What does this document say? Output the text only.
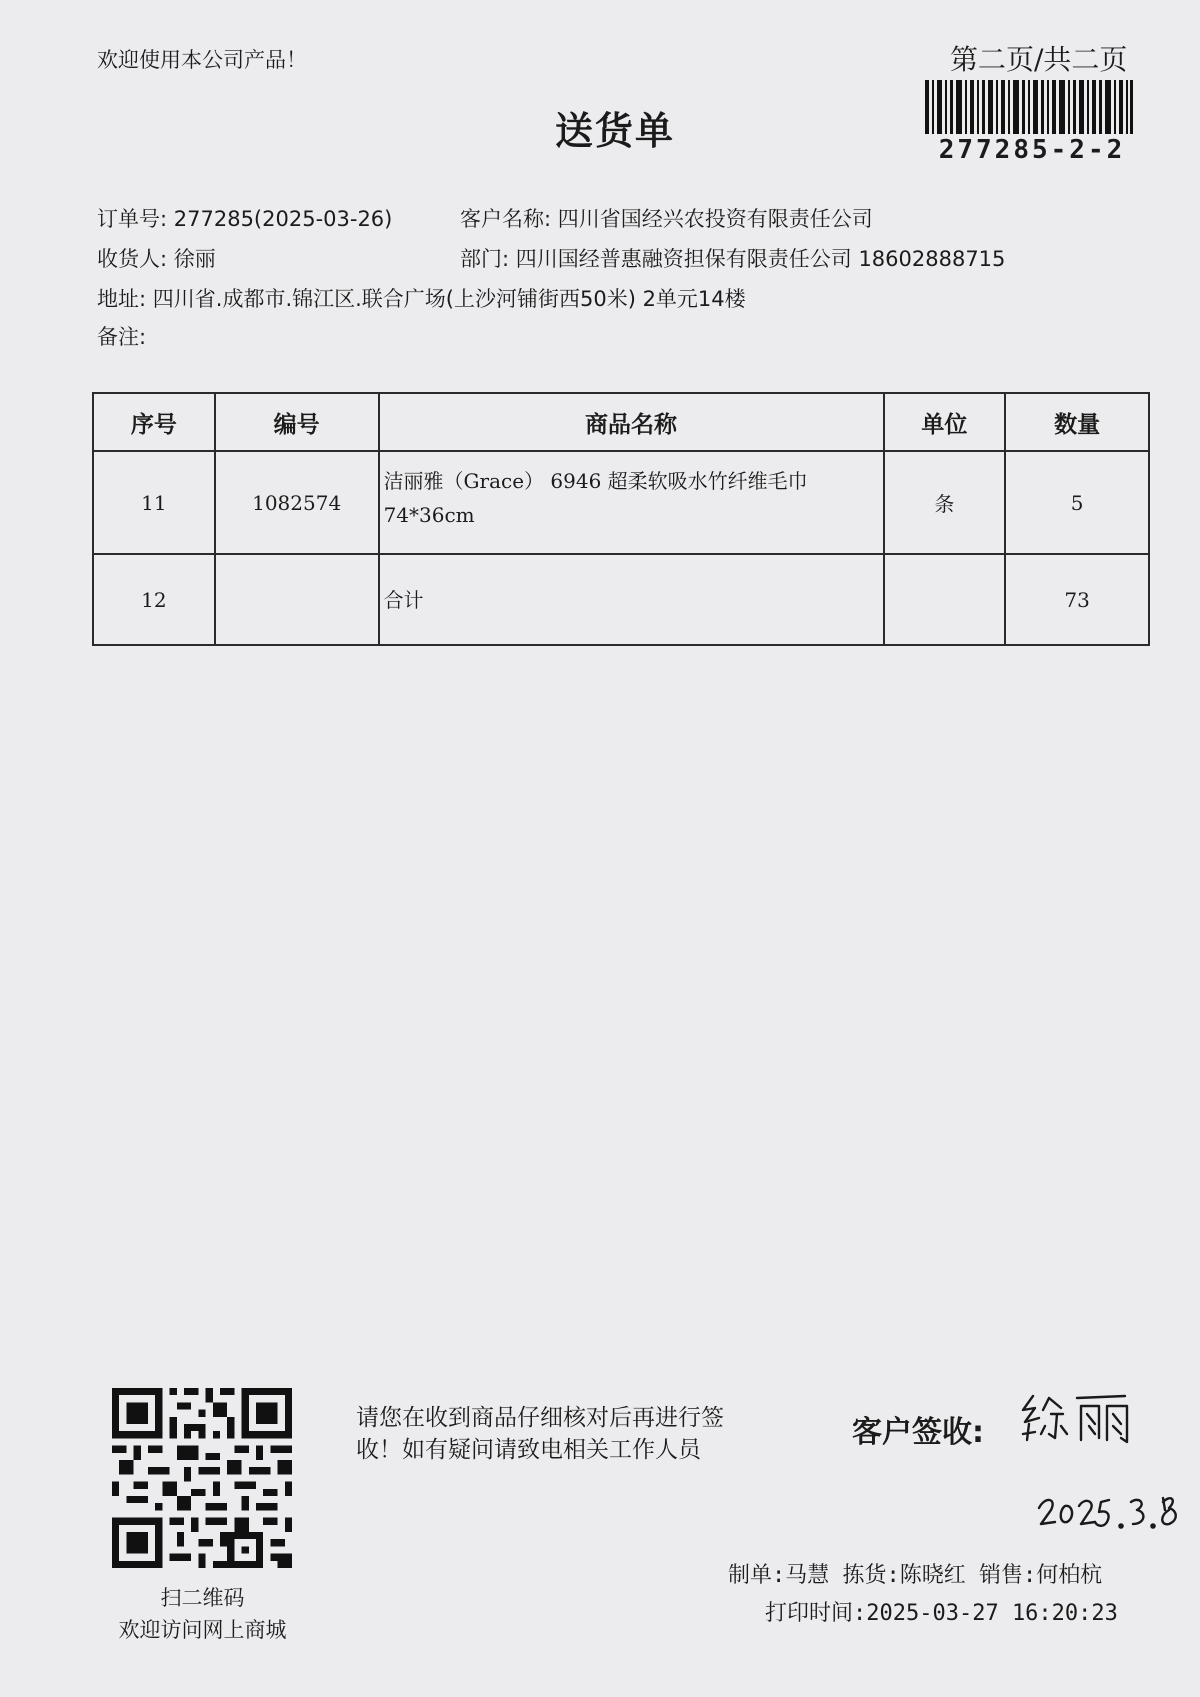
欢迎使用本公司产品！	第二页/共二页
277285-2-2
送货单
订单号: 277285(2025-03-26)	客户名称: 四川省国经兴农投资有限责任公司
收货人: 徐丽	部门: 四川国经普惠融资担保有限责任公司 18602888715
地址: 四川省.成都市.锦江区.联合广场(上沙河铺街西50米) 2单元14楼
备注:
序号	编号	商品名称	单位	数量
11	1082574	洁丽雅（Grace） 6946 超柔软吸水竹纤维毛巾
74*36cm	条	5
12		合计		73
扫二维码
欢迎访问网上商城
请您在收到商品仔细核对后再进行签
收！如有疑问请致电相关工作人员	客户签收:
制单:马慧 拣货:陈晓红 销售:何柏杭
打印时间:2025-03-27 16:20:23
